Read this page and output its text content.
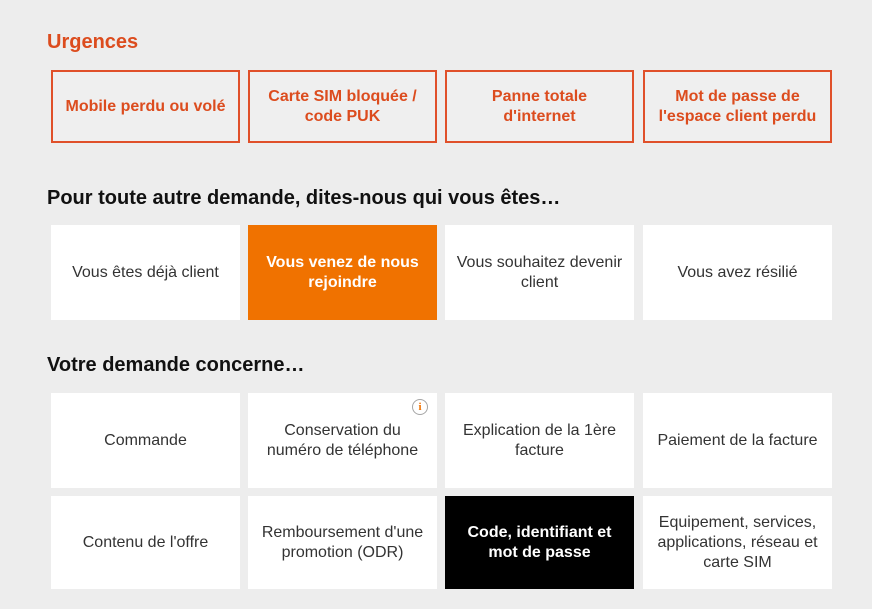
Urgences
Mobile perdu ou volé
Carte SIM bloquée / code PUK
Panne totale d'internet
Mot de passe de l'espace client perdu
Pour toute autre demande, dites-nous qui vous êtes…
Vous êtes déjà client
Vous venez de nous rejoindre
Vous souhaitez devenir client
Vous avez résilié
Votre demande concerne…
Commande
Conservation du numéro de téléphone
i
Explication de la 1ère facture
Paiement de la facture
Contenu de l'offre
Remboursement d'une promotion (ODR)
Code, identifiant et mot de passe
Equipement, services, applications, réseau et carte SIM
